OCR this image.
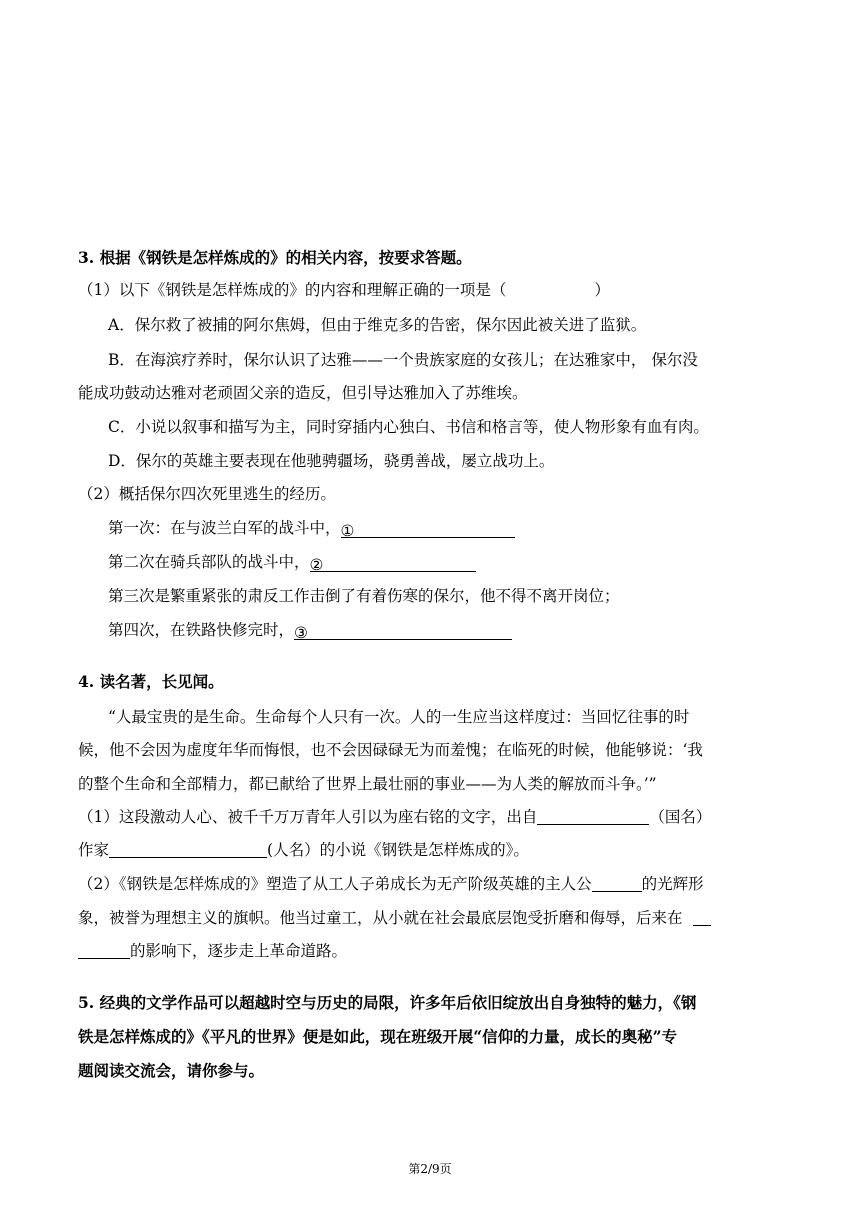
3. 根据《钢铁是怎样炼成的》的相关内容，按要求答题。
（1）以下《钢铁是怎样炼成的》的内容和理解正确的一项是（	）
A．保尔救了被捕的阿尔焦姆，但由于维克多的告密，保尔因此被关进了监狱。
B．在海滨疗养时，保尔认识了达雅——一个贵族家庭的女孩儿；在达雅家中， 保尔没
能成功鼓动达雅对老顽固父亲的造反，但引导达雅加入了苏维埃。
C．小说以叙事和描写为主，同时穿插内心独白、书信和格言等，使人物形象有血有肉。
D．保尔的英雄主要表现在他驰骋疆场，骁勇善战，屡立战功上。
（2）概括保尔四次死里逃生的经历。
第一次：在与波兰白军的战斗中，①
第二次在骑兵部队的战斗中，②
第三次是繁重紧张的肃反工作击倒了有着伤寒的保尔，他不得不离开岗位；
第四次，在铁路快修完时，③
4. 读名著，长见闻。
“人最宝贵的是生命。生命每个人只有一次。人的一生应当这样度过：当回忆往事的时
候，他不会因为虚度年华而悔恨，也不会因碌碌无为而羞愧；在临死的时候，他能够说：‘我
的整个生命和全部精力，都已献给了世界上最壮丽的事业——为人类的解放而斗争。’”
（1）这段激动人心、被千千万万青年人引以为座右铭的文字，出自	（国名）
作家	(人名）的小说《钢铁是怎样炼成的》。
（2）《钢铁是怎样炼成的》塑造了从工人子弟成长为无产阶级英雄的主人公	的光辉形
象，被誉为理想主义的旗帜。他当过童工，从小就在社会最底层饱受折磨和侮辱，后来在
的影响下，逐步走上革命道路。
5. 经典的文学作品可以超越时空与历史的局限，许多年后依旧绽放出自身独特的魅力，《钢
铁是怎样炼成的》《平凡的世界》便是如此，现在班级开展“信仰的力量，成长的奥秘”专
题阅读交流会，请你参与。
第2/9页
